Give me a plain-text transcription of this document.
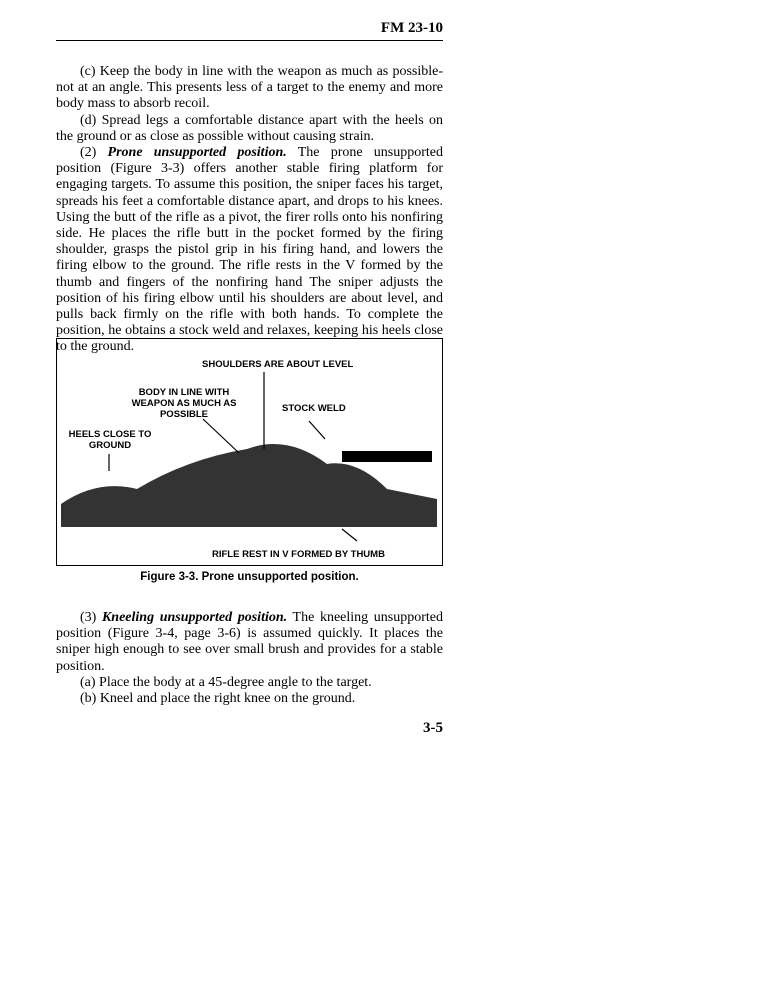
FM 23-10

(c) Keep the body in line with the weapon as much as possible-not at an angle. This presents less of a target to the enemy and more body mass to absorb recoil.

(d) Spread legs a comfortable distance apart with the heels on the ground or as close as possible without causing strain.

(2) Prone unsupported position. The prone unsupported position (Figure 3-3) offers another stable firing platform for engaging targets. To assume this position, the sniper faces his target, spreads his feet a comfortable distance apart, and drops to his knees. Using the butt of the rifle as a pivot, the firer rolls onto his nonfiring side. He places the rifle butt in the pocket formed by the firing shoulder, grasps the pistol grip in his firing hand, and lowers the firing elbow to the ground. The rifle rests in the V formed by the thumb and fingers of the nonfiring hand The sniper adjusts the position of his firing elbow until his shoulders are about level, and pulls back firmly on the rifle with both hands. To complete the position, he obtains a stock weld and relaxes, keeping his heels close to the ground.

SHOULDERS ARE ABOUT LEVEL
BODY IN LINE WITH WEAPON AS MUCH AS POSSIBLE
STOCK WELD
HEELS CLOSE TO GROUND
RIFLE REST IN V FORMED BY THUMB
Figure 3-3. Prone unsupported position.

(3) Kneeling unsupported position. The kneeling unsupported position (Figure 3-4, page 3-6) is assumed quickly. It places the sniper high enough to see over small brush and provides for a stable position.

(a) Place the body at a 45-degree angle to the target.

(b) Kneel and place the right knee on the ground.

3-5
